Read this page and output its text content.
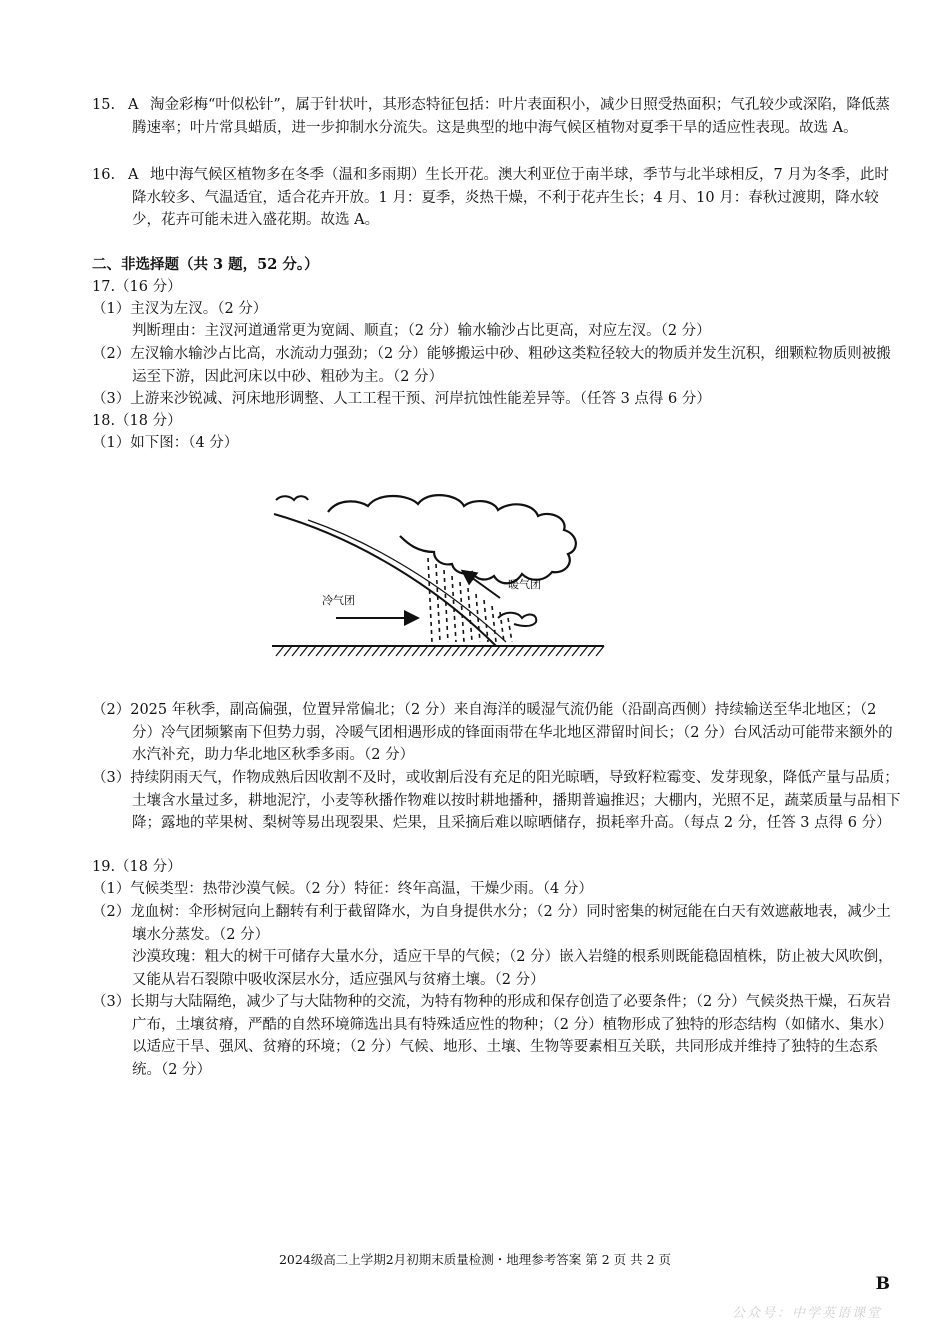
15. A 淘金彩梅“叶似松针”，属于针状叶，其形态特征包括：叶片表面积小，减少日照受热面积；气孔较少或深陷，降低蒸腾速率；叶片常具蜡质，进一步抑制水分流失。这是典型的地中海气候区植物对夏季干旱的适应性表现。故选 A。
16. A 地中海气候区植物多在冬季（温和多雨期）生长开花。澳大利亚位于南半球，季节与北半球相反，7 月为冬季，此时降水较多、气温适宜，适合花卉开放。1 月：夏季，炎热干燥，不利于花卉生长；4 月、10 月：春秋过渡期，降水较少，花卉可能未进入盛花期。故选 A。
二、非选择题（共 3 题，52 分。）
17.（16 分）
（1）主汊为左汊。（2 分）
判断理由：主汊河道通常更为宽阔、顺直；（2 分）输水输沙占比更高，对应左汊。（2 分）
（2）左汊输水输沙占比高，水流动力强劲；（2 分）能够搬运中砂、粗砂这类粒径较大的物质并发生沉积，细颗粒物质则被搬运至下游，因此河床以中砂、粗砂为主。（2 分）
（3）上游来沙锐减、河床地形调整、人工工程干预、河岸抗蚀性能差异等。（任答 3 点得 6 分）
18.（18 分）
（1）如下图：（4 分）
冷气团
暖气团
（2）2025 年秋季，副高偏强，位置异常偏北；（2 分）来自海洋的暖湿气流仍能（沿副高西侧）持续输送至华北地区；（2 分）冷气团频繁南下但势力弱，冷暖气团相遇形成的锋面雨带在华北地区滞留时间长；（2 分）台风活动可能带来额外的水汽补充，助力华北地区秋季多雨。（2 分）
（3）持续阴雨天气，作物成熟后因收割不及时，或收割后没有充足的阳光晾晒，导致籽粒霉变、发芽现象，降低产量与品质；土壤含水量过多，耕地泥泞，小麦等秋播作物难以按时耕地播种，播期普遍推迟；大棚内，光照不足，蔬菜质量与品相下降；露地的苹果树、梨树等易出现裂果、烂果，且采摘后难以晾晒储存，损耗率升高。（每点 2 分，任答 3 点得 6 分）
19.（18 分）
（1）气候类型：热带沙漠气候。（2 分）特征：终年高温，干燥少雨。（4 分）
（2）龙血树：伞形树冠向上翻转有利于截留降水，为自身提供水分；（2 分）同时密集的树冠能在白天有效遮蔽地表，减少土壤水分蒸发。（2 分）
沙漠玫瑰：粗大的树干可储存大量水分，适应干旱的气候；（2 分）嵌入岩缝的根系则既能稳固植株，防止被大风吹倒，又能从岩石裂隙中吸收深层水分，适应强风与贫瘠土壤。（2 分）
（3）长期与大陆隔绝，减少了与大陆物种的交流，为特有物种的形成和保存创造了必要条件；（2 分）气候炎热干燥，石灰岩广布，土壤贫瘠，严酷的自然环境筛选出具有特殊适应性的物种；（2 分）植物形成了独特的形态结构（如储水、集水）以适应干旱、强风、贫瘠的环境；（2 分）气候、地形、土壤、生物等要素相互关联，共同形成并维持了独特的生态系统。（2 分）
2024级高二上学期2月初期末质量检测・地理参考答案 第 2 页 共 2 页
B
公众号：中学英语课堂
